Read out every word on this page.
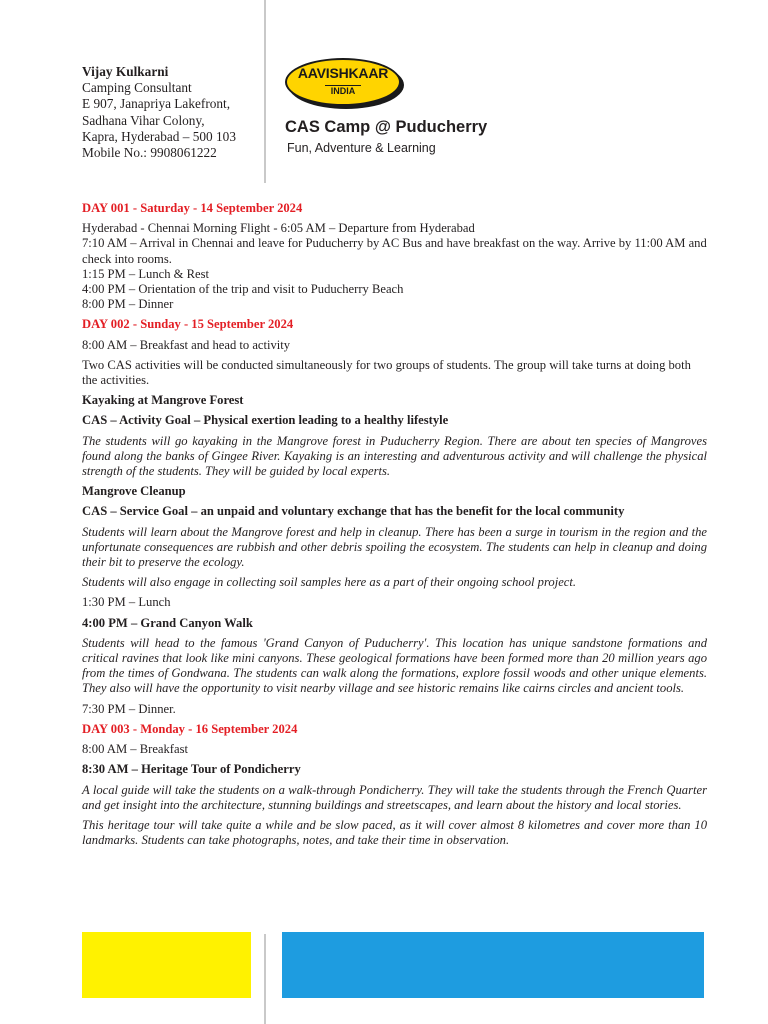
Vijay Kulkarni
Camping Consultant
E 907, Janapriya Lakefront,
Sadhana Vihar Colony,
Kapra, Hyderabad – 500 103
Mobile No.: 9908061222
AAVISHKAAR
INDIA
CAS Camp @ Puducherry
Fun, Adventure & Learning

DAY 001 - Saturday - 14 September 2024

Hyderabad - Chennai Morning Flight - 6:05 AM – Departure from Hyderabad

7:10 AM – Arrival in Chennai and leave for Puducherry by AC Bus and have breakfast on the way. Arrive by 11:00 AM and check into rooms.

1:15 PM – Lunch & Rest

4:00 PM – Orientation of the trip and visit to Puducherry Beach

8:00 PM – Dinner

DAY 002 - Sunday - 15 September 2024

8:00 AM – Breakfast and head to activity

Two CAS activities will be conducted simultaneously for two groups of students. The group will take turns at doing both the activities.

Kayaking at Mangrove Forest

CAS – Activity Goal – Physical exertion leading to a healthy lifestyle

The students will go kayaking in the Mangrove forest in Puducherry Region. There are about ten species of Mangroves found along the banks of Gingee River. Kayaking is an interesting and adventurous activity and will challenge the physical strength of the students. They will be guided by local experts.

Mangrove Cleanup

CAS – Service Goal – an unpaid and voluntary exchange that has the benefit for the local community

Students will learn about the Mangrove forest and help in cleanup. There has been a surge in tourism in the region and the unfortunate consequences are rubbish and other debris spoiling the ecosystem. The students can help in cleanup and doing their bit to preserve the ecology.

Students will also engage in collecting soil samples here as a part of their ongoing school project.

1:30 PM – Lunch

4:00 PM – Grand Canyon Walk

Students will head to the famous 'Grand Canyon of Puducherry'. This location has unique sandstone formations and critical ravines that look like mini canyons. These geological formations have been formed more than 20 million years ago from the times of Gondwana. The students can walk along the formations, explore fossil woods and other unique elements. They also will have the opportunity to visit nearby village and see historic remains like cairns circles and ancient tools.

7:30 PM – Dinner.

DAY 003 - Monday - 16 September 2024

8:00 AM – Breakfast

8:30 AM – Heritage Tour of Pondicherry

A local guide will take the students on a walk-through Pondicherry. They will take the students through the French Quarter and get insight into the architecture, stunning buildings and streetscapes, and learn about the history and local stories.

This heritage tour will take quite a while and be slow paced, as it will cover almost 8 kilometres and cover more than 10 landmarks. Students can take photographs, notes, and take their time in observation.
